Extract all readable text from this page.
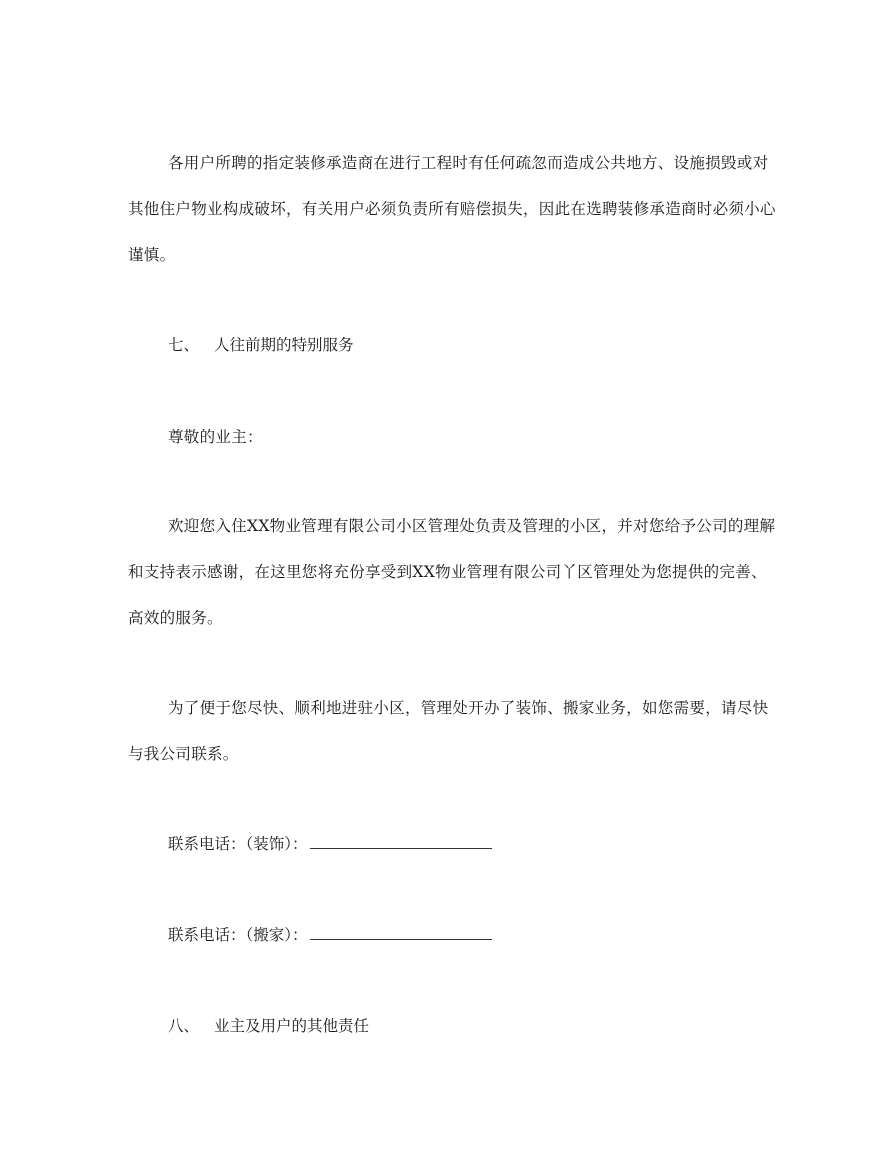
各用户所聘的指定装修承造商在进行工程时有任何疏忽而造成公共地方、设施损毁或对其他住户物业构成破坏，有关用户必须负责所有赔偿损失，因此在选聘装修承造商时必须小心谨慎。

七、 人往前期的特别服务

尊敬的业主：

欢迎您入住XX物业管理有限公司小区管理处负责及管理的小区，并对您给予公司的理解和支持表示感谢，在这里您将充份享受到XX物业管理有限公司丫区管理处为您提供的完善、高效的服务。

为了便于您尽快、顺利地进驻小区，管理处开办了装饰、搬家业务，如您需要，请尽快与我公司联系。

联系电话：（装饰）：

联系电话：（搬家）：

八、 业主及用户的其他责任
